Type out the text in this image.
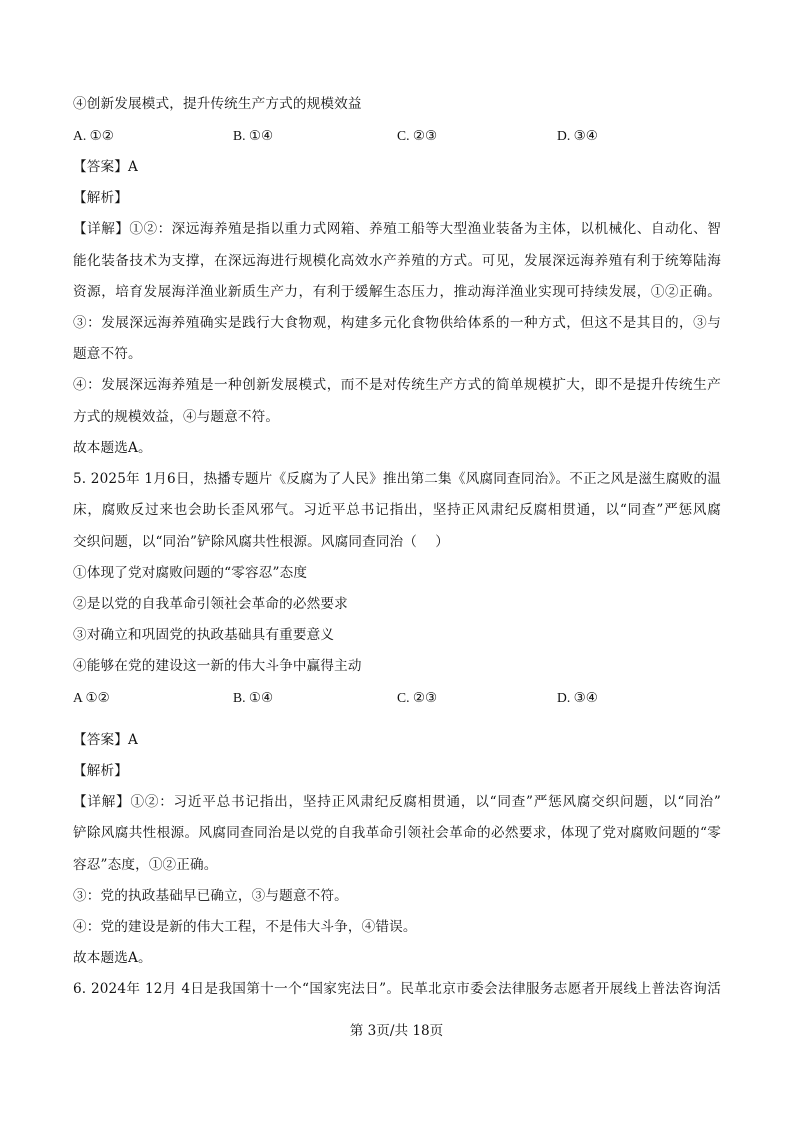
④创新发展模式，提升传统生产方式的规模效益
A. ①②	B. ①④	C. ②③	D. ③④
【答案】A
【解析】
【详解】①②：深远海养殖是指以重力式网箱、养殖工船等大型渔业装备为主体，以机械化、自动化、智
能化装备技术为支撑，在深远海进行规模化高效水产养殖的方式。可见，发展深远海养殖有利于统筹陆海
资源，培育发展海洋渔业新质生产力，有利于缓解生态压力，推动海洋渔业实现可持续发展，①②正确。
③：发展深远海养殖确实是践行大食物观，构建多元化食物供给体系的一种方式，但这不是其目的，③与
题意不符。
④：发展深远海养殖是一种创新发展模式，而不是对传统生产方式的简单规模扩大，即不是提升传统生产
方式的规模效益，④与题意不符。
故本题选A。
5. 2025年 1月6日，热播专题片《反腐为了人民》推出第二集《风腐同查同治》。不正之风是滋生腐败的温
床，腐败反过来也会助长歪风邪气。习近平总书记指出，坚持正风肃纪反腐相贯通，以“同查”严惩风腐
交织问题，以“同治”铲除风腐共性根源。风腐同查同治（　 ）
①体现了党对腐败问题的“零容忍”态度
②是以党的自我革命引领社会革命的必然要求
③对确立和巩固党的执政基础具有重要意义
④能够在党的建设这一新的伟大斗争中赢得主动
A ①②	B. ①④	C. ②③	D. ③④
【答案】A
【解析】
【详解】①②：习近平总书记指出，坚持正风肃纪反腐相贯通，以“同查”严惩风腐交织问题，以“同治”
铲除风腐共性根源。风腐同查同治是以党的自我革命引领社会革命的必然要求，体现了党对腐败问题的“零
容忍”态度，①②正确。
③：党的执政基础早已确立，③与题意不符。
④：党的建设是新的伟大工程，不是伟大斗争，④错误。
故本题选A。
6. 2024年 12月 4日是我国第十一个“国家宪法日”。民革北京市委会法律服务志愿者开展线上普法咨询活
第 3页/共 18页
